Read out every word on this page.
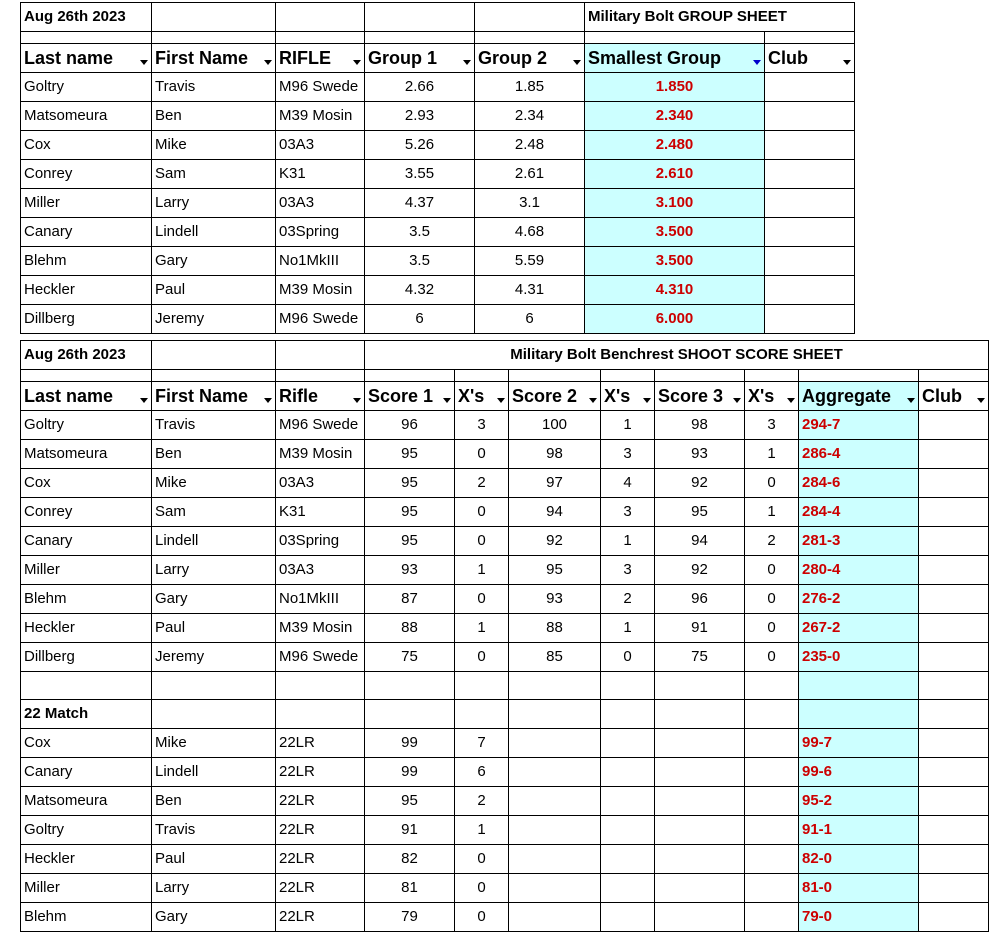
Aug 26th 2023					Military Bolt GROUP SHEET	

Last name	First Name	RIFLE	Group 1	Group 2	Smallest Group	Club

Goltry	Travis	M96 Swede	2.66	1.85	1.850	
Matsomeura	Ben	M39 Mosin	2.93	2.34	2.340	
Cox	Mike	03A3	5.26	2.48	2.480	
Conrey	Sam	K31	3.55	2.61	2.610	
Miller	Larry	03A3	4.37	3.1	3.100	
Canary	Lindell	03Spring	3.5	4.68	3.500	
Blehm	Gary	No1MkIII	3.5	5.59	3.500	
Heckler	Paul	M39 Mosin	4.32	4.31	4.310	
Dillberg	Jeremy	M96 Swede	6	6	6.000	
Aug 26th 2023			Military Bolt Benchrest SHOOT SCORE SHEET							

Last name	First Name	Rifle	Score 1	X's	Score 2	X's	Score 3	X's	Aggregate	Club

Goltry	Travis	M96 Swede	96	3	100	1	98	3	294-7	
Matsomeura	Ben	M39 Mosin	95	0	98	3	93	1	286-4	
Cox	Mike	03A3	95	2	97	4	92	0	284-6	
Conrey	Sam	K31	95	0	94	3	95	1	284-4	
Canary	Lindell	03Spring	95	0	92	1	94	2	281-3	
Miller	Larry	03A3	93	1	95	3	92	0	280-4	
Blehm	Gary	No1MkIII	87	0	93	2	96	0	276-2	
Heckler	Paul	M39 Mosin	88	1	88	1	91	0	267-2	
Dillberg	Jeremy	M96 Swede	75	0	85	0	75	0	235-0	

22 Match										
Cox	Mike	22LR	99	7					99-7	
Canary	Lindell	22LR	99	6					99-6	
Matsomeura	Ben	22LR	95	2					95-2	
Goltry	Travis	22LR	91	1					91-1	
Heckler	Paul	22LR	82	0					82-0	
Miller	Larry	22LR	81	0					81-0	
Blehm	Gary	22LR	79	0					79-0	
